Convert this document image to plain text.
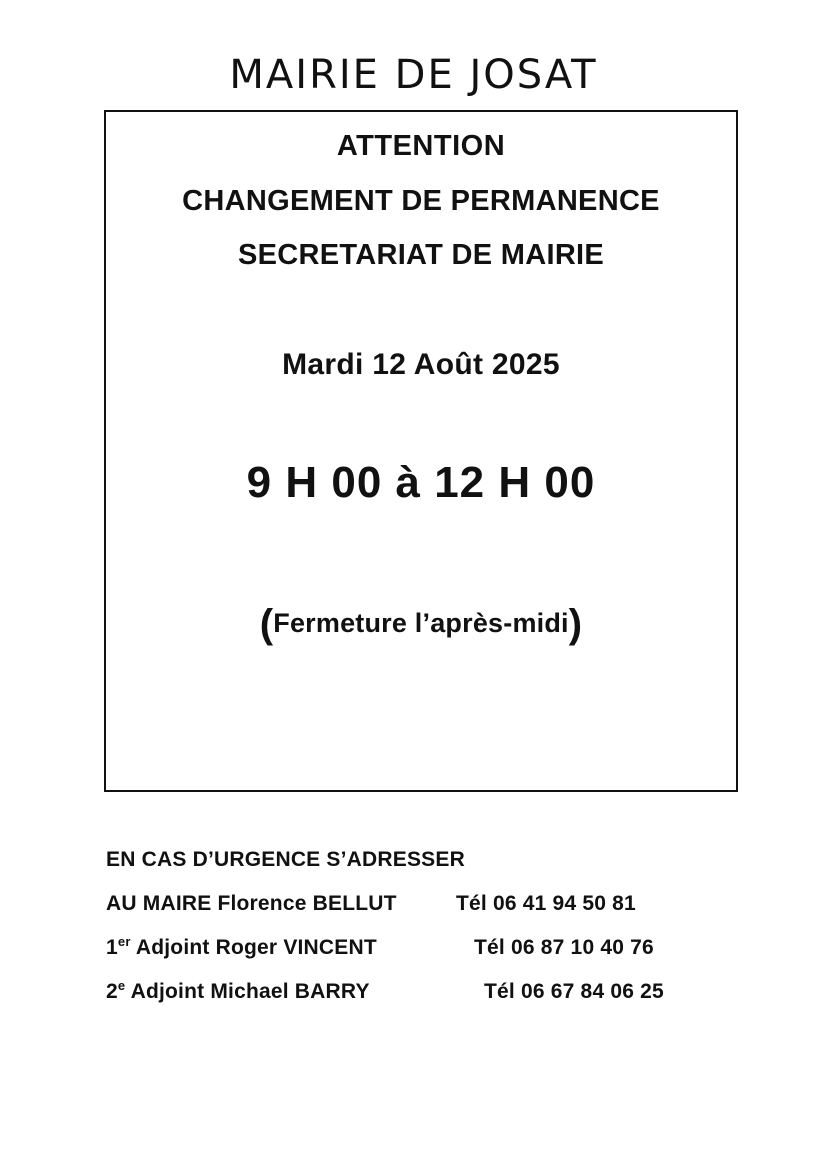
MAIRIE DE JOSAT
ATTENTION
CHANGEMENT DE PERMANENCE
SECRETARIAT DE MAIRIE
Mardi 12 Août 2025
9 H 00 à 12 H 00
(Fermeture l’après-midi)
EN CAS D’URGENCE S’ADRESSER
AU MAIRE Florence BELLUT	Tél 06 41 94 50 81
1er Adjoint Roger VINCENT	Tél 06 87 10 40 76
2e Adjoint Michael BARRY	Tél 06 67 84 06 25
